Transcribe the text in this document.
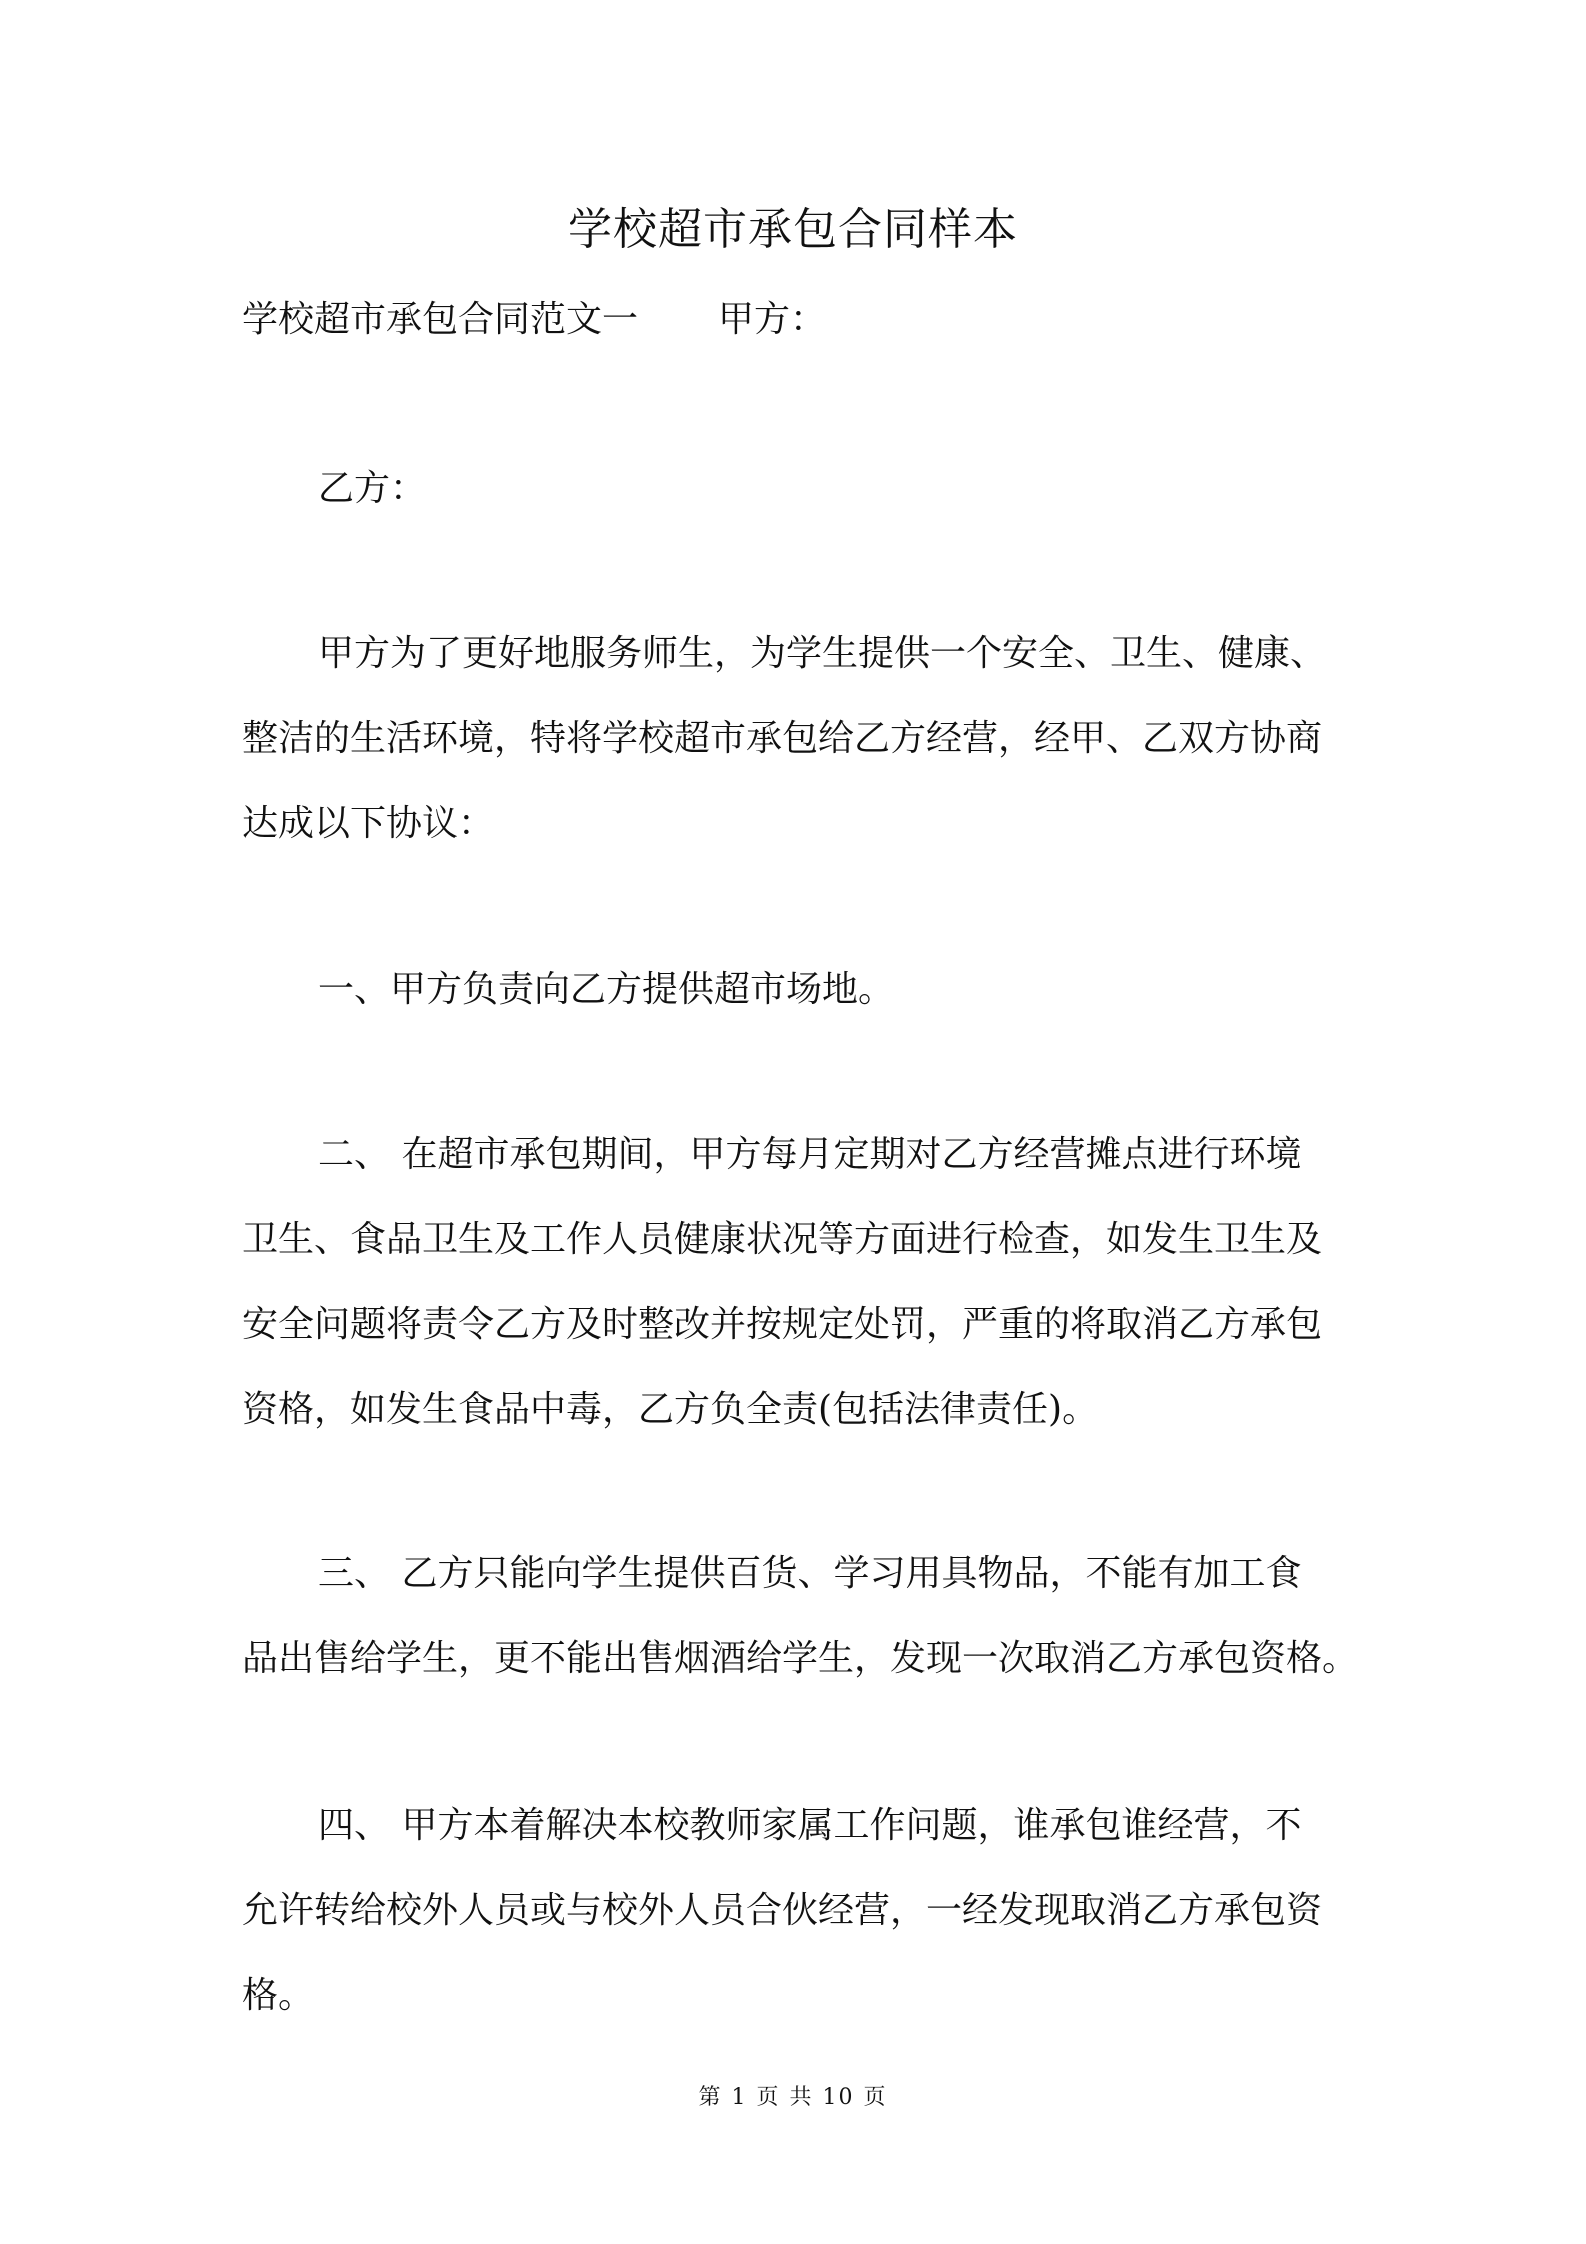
学校超市承包合同样本

学校超市承包合同范文一 甲方：

乙方：

甲方为了更好地服务师生，为学生提供一个安全、卫生、健康、

整洁的生活环境，特将学校超市承包给乙方经营，经甲、乙双方协商

达成以下协议：

一、甲方负责向乙方提供超市场地。

二、 在超市承包期间，甲方每月定期对乙方经营摊点进行环境

卫生、食品卫生及工作人员健康状况等方面进行检查，如发生卫生及

安全问题将责令乙方及时整改并按规定处罚，严重的将取消乙方承包

资格，如发生食品中毒，乙方负全责(包括法律责任)。

三、 乙方只能向学生提供百货、学习用具物品，不能有加工食

品出售给学生，更不能出售烟酒给学生，发现一次取消乙方承包资格。

四、 甲方本着解决本校教师家属工作问题，谁承包谁经营，不

允许转给校外人员或与校外人员合伙经营，一经发现取消乙方承包资

格。

第 1 页 共 10 页
